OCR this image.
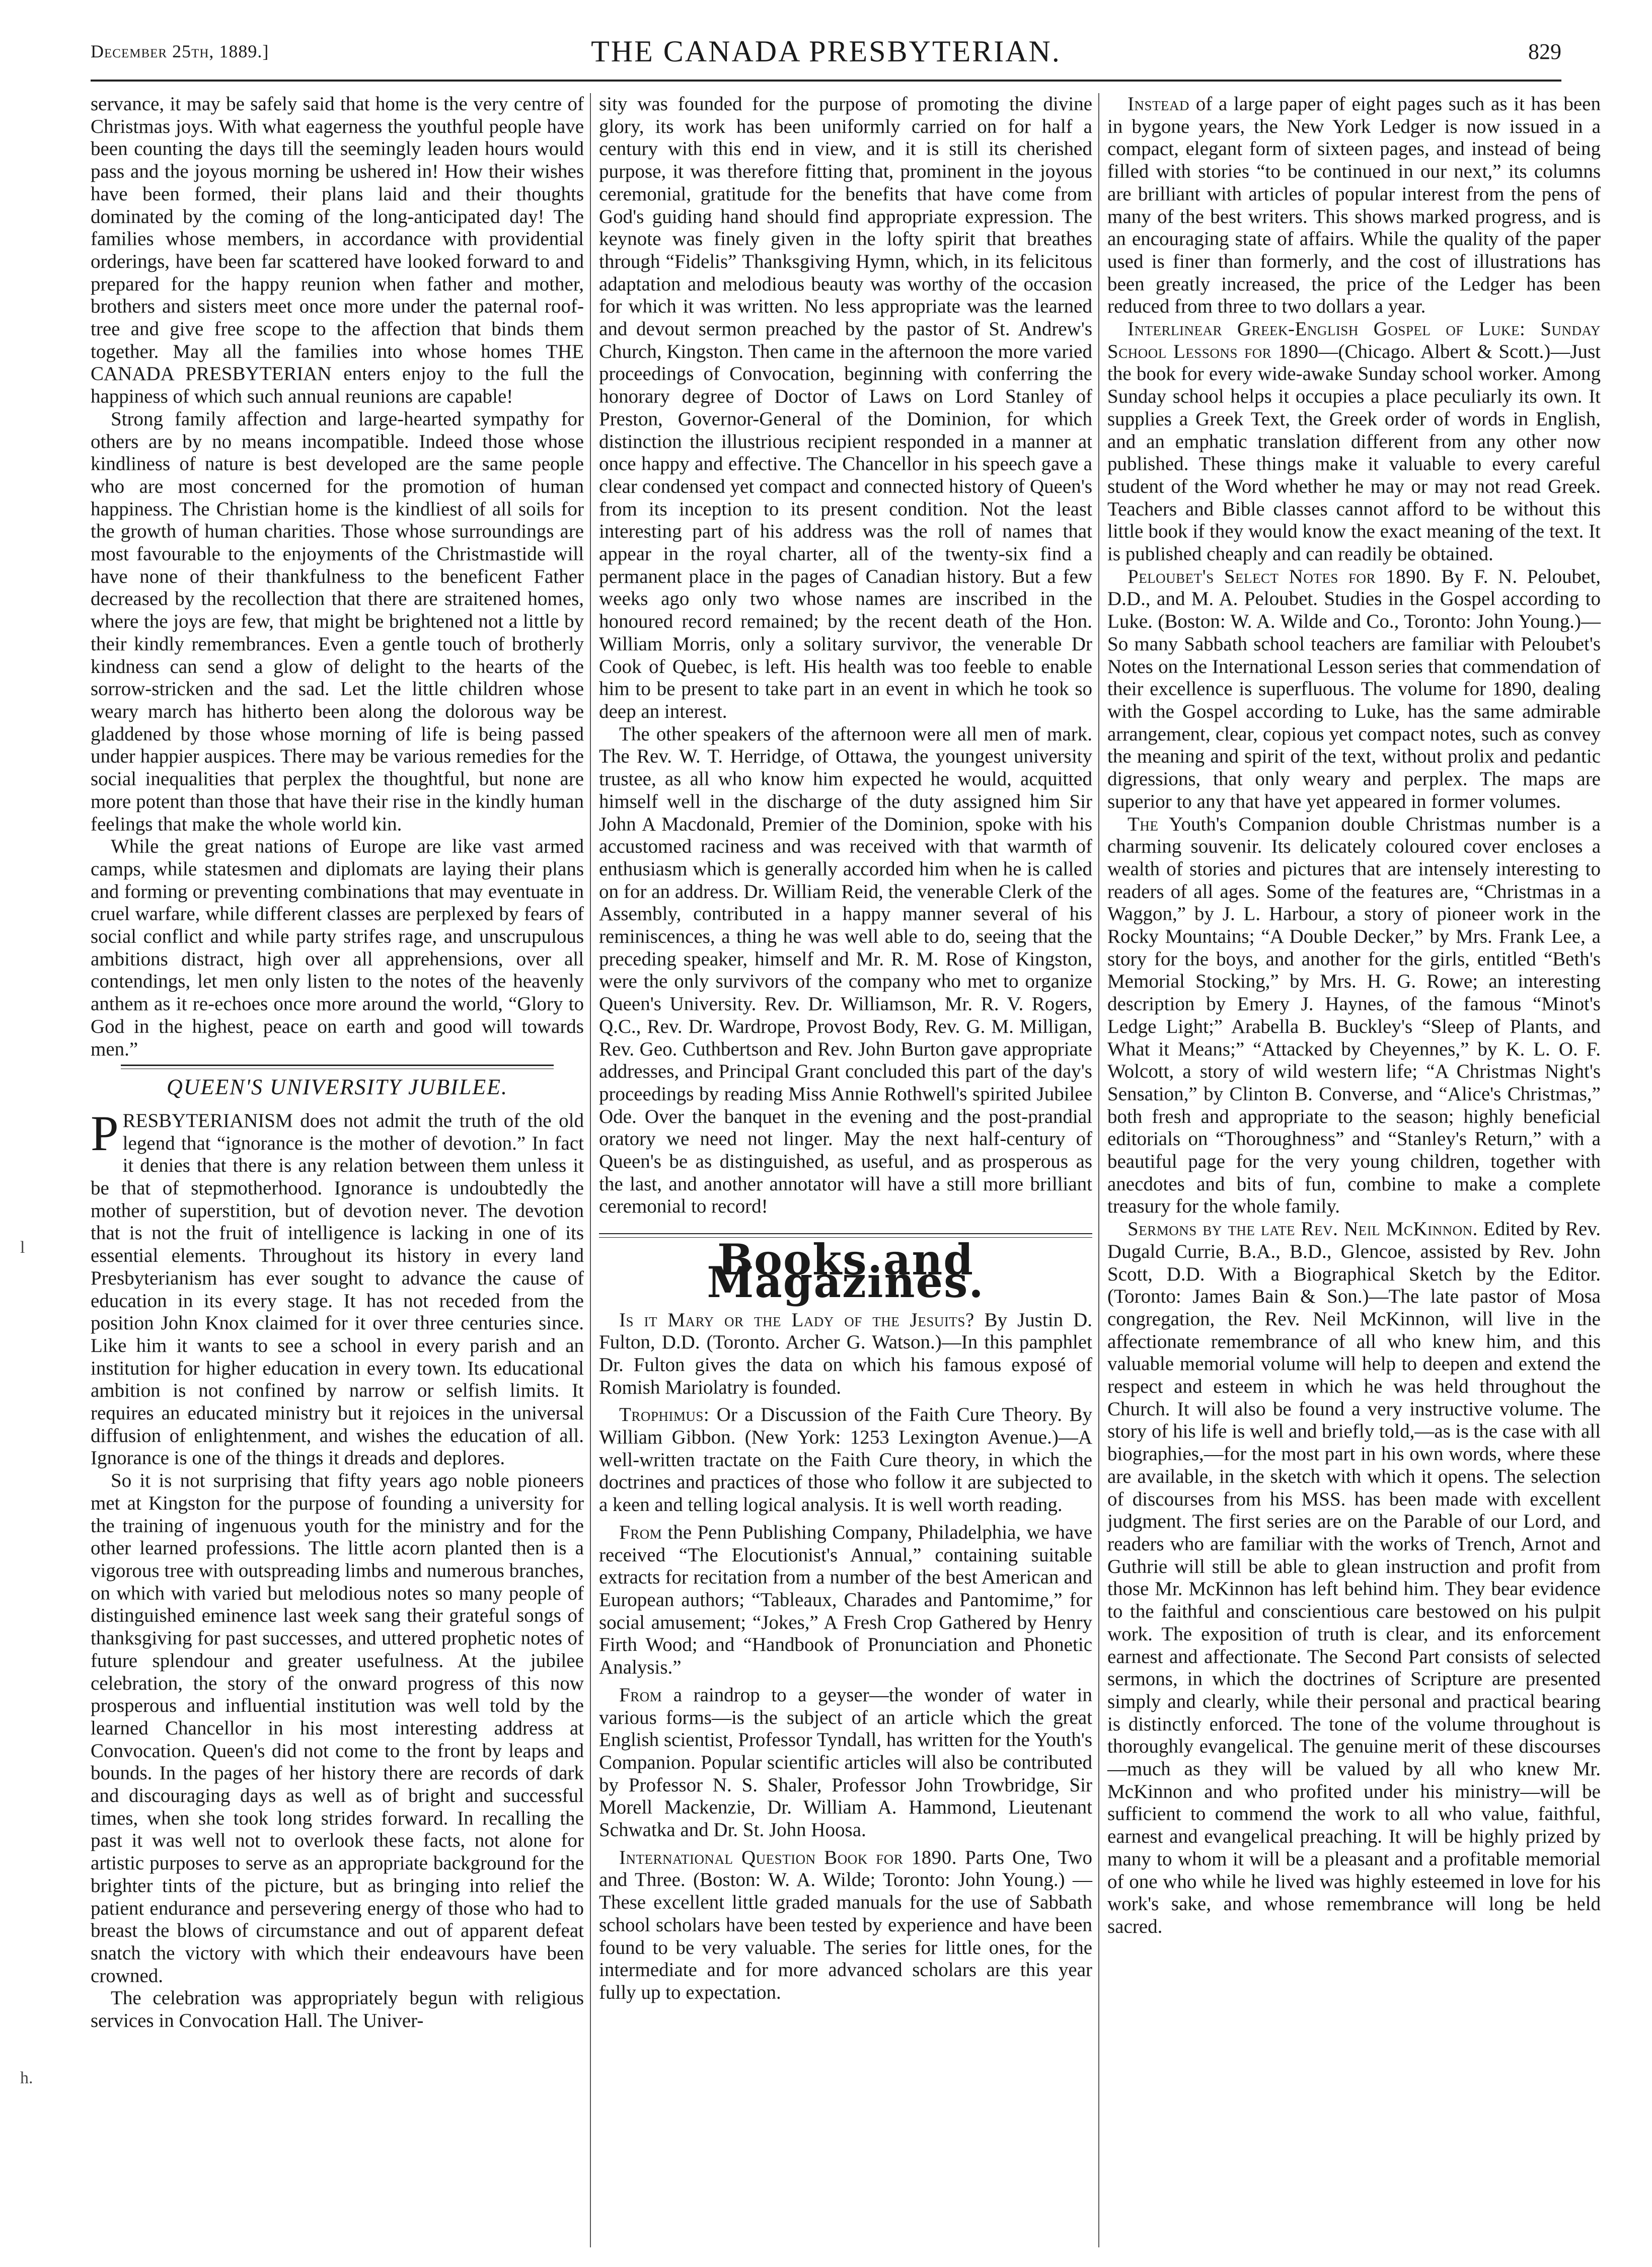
December 25th, 1889.]	THE CANADA PRESBYTERIAN.	829
l
h.

servance, it may be safely said that home is the very centre of Christmas joys. With what eagerness the youthful people have been counting the days till the seemingly leaden hours would pass and the joyous morning be ushered in! How their wishes have been formed, their plans laid and their thoughts dominated by the coming of the long-anticipated day! The families whose members, in accordance with providential orderings, have been far scattered have looked forward to and prepared for the happy reunion when father and mother, brothers and sisters meet once more under the paternal roof-tree and give free scope to the affection that binds them together. May all the families into whose homes THE CANADA PRESBYTERIAN enters enjoy to the full the happiness of which such annual reunions are capable!

Strong family affection and large-hearted sympathy for others are by no means incompatible. Indeed those whose kindliness of nature is best developed are the same people who are most concerned for the promotion of human happiness. The Christian home is the kindliest of all soils for the growth of human charities. Those whose surroundings are most favourable to the enjoyments of the Christmastide will have none of their thankfulness to the beneficent Father decreased by the recollection that there are straitened homes, where the joys are few, that might be brightened not a little by their kindly remembrances. Even a gentle touch of brotherly kindness can send a glow of delight to the hearts of the sorrow-stricken and the sad. Let the little children whose weary march has hitherto been along the dolorous way be gladdened by those whose morning of life is being passed under happier auspices. There may be various remedies for the social inequalities that perplex the thoughtful, but none are more potent than those that have their rise in the kindly human feelings that make the whole world kin.

While the great nations of Europe are like vast armed camps, while statesmen and diplomats are laying their plans and forming or preventing combinations that may eventuate in cruel warfare, while different classes are perplexed by fears of social conflict and while party strifes rage, and unscrupulous ambitions distract, high over all apprehensions, over all contendings, let men only listen to the notes of the heavenly anthem as it re-echoes once more around the world, “Glory to God in the highest, peace on earth and good will towards men.”

QUEEN'S UNIVERSITY JUBILEE.

PRESBYTERIANISM does not admit the truth of the old legend that “ignorance is the mother of devotion.” In fact it denies that there is any relation between them unless it be that of stepmotherhood. Ignorance is undoubtedly the mother of superstition, but of devotion never. The devotion that is not the fruit of intelligence is lacking in one of its essential elements. Throughout its history in every land Presbyterianism has ever sought to advance the cause of education in its every stage. It has not receded from the position John Knox claimed for it over three centuries since. Like him it wants to see a school in every parish and an institution for higher education in every town. Its educational ambition is not confined by narrow or selfish limits. It requires an educated ministry but it rejoices in the universal diffusion of enlightenment, and wishes the education of all. Ignorance is one of the things it dreads and deplores.

So it is not surprising that fifty years ago noble pioneers met at Kingston for the purpose of founding a university for the training of ingenuous youth for the ministry and for the other learned professions. The little acorn planted then is a vigorous tree with outspreading limbs and numerous branches, on which with varied but melodious notes so many people of distinguished eminence last week sang their grateful songs of thanksgiving for past successes, and uttered prophetic notes of future splendour and greater usefulness. At the jubilee celebration, the story of the onward progress of this now prosperous and influential institution was well told by the learned Chancellor in his most interesting address at Convocation. Queen's did not come to the front by leaps and bounds. In the pages of her history there are records of dark and discouraging days as well as of bright and successful times, when she took long strides forward. In recalling the past it was well not to overlook these facts, not alone for artistic purposes to serve as an appropriate background for the brighter tints of the picture, but as bringing into relief the patient endurance and persevering energy of those who had to breast the blows of circumstance and out of apparent defeat snatch the victory with which their endeavours have been crowned.

The celebration was appropriately begun with religious services in Convocation Hall. The Univer-

sity was founded for the purpose of promoting the divine glory, its work has been uniformly carried on for half a century with this end in view, and it is still its cherished purpose, it was therefore fitting that, prominent in the joyous ceremonial, gratitude for the benefits that have come from God's guiding hand should find appropriate expression. The keynote was finely given in the lofty spirit that breathes through “Fidelis” Thanksgiving Hymn, which, in its felicitous adaptation and melodious beauty was worthy of the occasion for which it was written. No less appropriate was the learned and devout sermon preached by the pastor of St. Andrew's Church, Kingston. Then came in the afternoon the more varied proceedings of Convocation, beginning with conferring the honorary degree of Doctor of Laws on Lord Stanley of Preston, Governor-General of the Dominion, for which distinction the illustrious recipient responded in a manner at once happy and effective. The Chancellor in his speech gave a clear condensed yet compact and connected history of Queen's from its inception to its present condition. Not the least interesting part of his address was the roll of names that appear in the royal charter, all of the twenty-six find a permanent place in the pages of Canadian history. But a few weeks ago only two whose names are inscribed in the honoured record remained; by the recent death of the Hon. William Morris, only a solitary survivor, the venerable Dr Cook of Quebec, is left. His health was too feeble to enable him to be present to take part in an event in which he took so deep an interest.

The other speakers of the afternoon were all men of mark. The Rev. W. T. Herridge, of Ottawa, the youngest university trustee, as all who know him expected he would, acquitted himself well in the discharge of the duty assigned him Sir John A Macdonald, Premier of the Dominion, spoke with his accustomed raciness and was received with that warmth of enthusiasm which is generally accorded him when he is called on for an address. Dr. William Reid, the venerable Clerk of the Assembly, contributed in a happy manner several of his reminiscences, a thing he was well able to do, seeing that the preceding speaker, himself and Mr. R. M. Rose of Kingston, were the only survivors of the company who met to organize Queen's University. Rev. Dr. Williamson, Mr. R. V. Rogers, Q.C., Rev. Dr. Wardrope, Provost Body, Rev. G. M. Milligan, Rev. Geo. Cuthbertson and Rev. John Burton gave appropriate addresses, and Principal Grant concluded this part of the day's proceedings by reading Miss Annie Rothwell's spirited Jubilee Ode. Over the banquet in the evening and the post-prandial oratory we need not linger. May the next half-century of Queen's be as distinguished, as useful, and as prosperous as the last, and another annotator will have a still more brilliant ceremonial to record!

Books and Magazines.

Is it Mary or the Lady of the Jesuits? By Justin D. Fulton, D.D. (Toronto. Archer G. Watson.)—In this pamphlet Dr. Fulton gives the data on which his famous exposé of Romish Mariolatry is founded.

Trophimus: Or a Discussion of the Faith Cure Theory. By William Gibbon. (New York: 1253 Lexington Avenue.)—A well-written tractate on the Faith Cure theory, in which the doctrines and practices of those who follow it are subjected to a keen and telling logical analysis. It is well worth reading.

From the Penn Publishing Company, Philadelphia, we have received “The Elocutionist's Annual,” containing suitable extracts for recitation from a number of the best American and European authors; “Tableaux, Charades and Pantomime,” for social amusement; “Jokes,” A Fresh Crop Gathered by Henry Firth Wood; and “Handbook of Pronunciation and Phonetic Analysis.”

From a raindrop to a geyser—the wonder of water in various forms—is the subject of an article which the great English scientist, Professor Tyndall, has written for the Youth's Companion. Popular scientific articles will also be contributed by Professor N. S. Shaler, Professor John Trowbridge, Sir Morell Mackenzie, Dr. William A. Hammond, Lieutenant Schwatka and Dr. St. John Hoosa.

International Question Book for 1890. Parts One, Two and Three. (Boston: W. A. Wilde; Toronto: John Young.) — These excellent little graded manuals for the use of Sabbath school scholars have been tested by experience and have been found to be very valuable. The series for little ones, for the intermediate and for more advanced scholars are this year fully up to expectation.

Instead of a large paper of eight pages such as it has been in bygone years, the New York Ledger is now issued in a compact, elegant form of sixteen pages, and instead of being filled with stories “to be continued in our next,” its columns are brilliant with articles of popular interest from the pens of many of the best writers. This shows marked progress, and is an encouraging state of affairs. While the quality of the paper used is finer than formerly, and the cost of illustrations has been greatly increased, the price of the Ledger has been reduced from three to two dollars a year.

Interlinear Greek-English Gospel of Luke: Sunday School Lessons for 1890—(Chicago. Albert & Scott.)—Just the book for every wide-awake Sunday school worker. Among Sunday school helps it occupies a place peculiarly its own. It supplies a Greek Text, the Greek order of words in English, and an emphatic translation different from any other now published. These things make it valuable to every careful student of the Word whether he may or may not read Greek. Teachers and Bible classes cannot afford to be without this little book if they would know the exact meaning of the text. It is published cheaply and can readily be obtained.

Peloubet's Select Notes for 1890. By F. N. Peloubet, D.D., and M. A. Peloubet. Studies in the Gospel according to Luke. (Boston: W. A. Wilde and Co., Toronto: John Young.)—So many Sabbath school teachers are familiar with Peloubet's Notes on the International Lesson series that commendation of their excellence is superfluous. The volume for 1890, dealing with the Gospel according to Luke, has the same admirable arrangement, clear, copious yet compact notes, such as convey the meaning and spirit of the text, without prolix and pedantic digressions, that only weary and perplex. The maps are superior to any that have yet appeared in former volumes.

The Youth's Companion double Christmas number is a charming souvenir. Its delicately coloured cover encloses a wealth of stories and pictures that are intensely interesting to readers of all ages. Some of the features are, “Christmas in a Waggon,” by J. L. Harbour, a story of pioneer work in the Rocky Mountains; “A Double Decker,” by Mrs. Frank Lee, a story for the boys, and another for the girls, entitled “Beth's Memorial Stocking,” by Mrs. H. G. Rowe; an interesting description by Emery J. Haynes, of the famous “Minot's Ledge Light;” Arabella B. Buckley's “Sleep of Plants, and What it Means;” “Attacked by Cheyennes,” by K. L. O. F. Wolcott, a story of wild western life; “A Christmas Night's Sensation,” by Clinton B. Converse, and “Alice's Christmas,” both fresh and appropriate to the season; highly beneficial editorials on “Thoroughness” and “Stanley's Return,” with a beautiful page for the very young children, together with anecdotes and bits of fun, combine to make a complete treasury for the whole family.

Sermons by the late Rev. Neil McKinnon. Edited by Rev. Dugald Currie, B.A., B.D., Glencoe, assisted by Rev. John Scott, D.D. With a Biographical Sketch by the Editor. (Toronto: James Bain & Son.)—The late pastor of Mosa congregation, the Rev. Neil McKinnon, will live in the affectionate remembrance of all who knew him, and this valuable memorial volume will help to deepen and extend the respect and esteem in which he was held throughout the Church. It will also be found a very instructive volume. The story of his life is well and briefly told,—as is the case with all biographies,—for the most part in his own words, where these are available, in the sketch with which it opens. The selection of discourses from his MSS. has been made with excellent judgment. The first series are on the Parable of our Lord, and readers who are familiar with the works of Trench, Arnot and Guthrie will still be able to glean instruction and profit from those Mr. McKinnon has left behind him. They bear evidence to the faithful and conscientious care bestowed on his pulpit work. The exposition of truth is clear, and its enforcement earnest and affectionate. The Second Part consists of selected sermons, in which the doctrines of Scripture are presented simply and clearly, while their personal and practical bearing is distinctly enforced. The tone of the volume throughout is thoroughly evangelical. The genuine merit of these discourses—much as they will be valued by all who knew Mr. McKinnon and who profited under his ministry—will be sufficient to commend the work to all who value, faithful, earnest and evangelical preaching. It will be highly prized by many to whom it will be a pleasant and a profitable memorial of one who while he lived was highly esteemed in love for his work's sake, and whose remembrance will long be held sacred.
